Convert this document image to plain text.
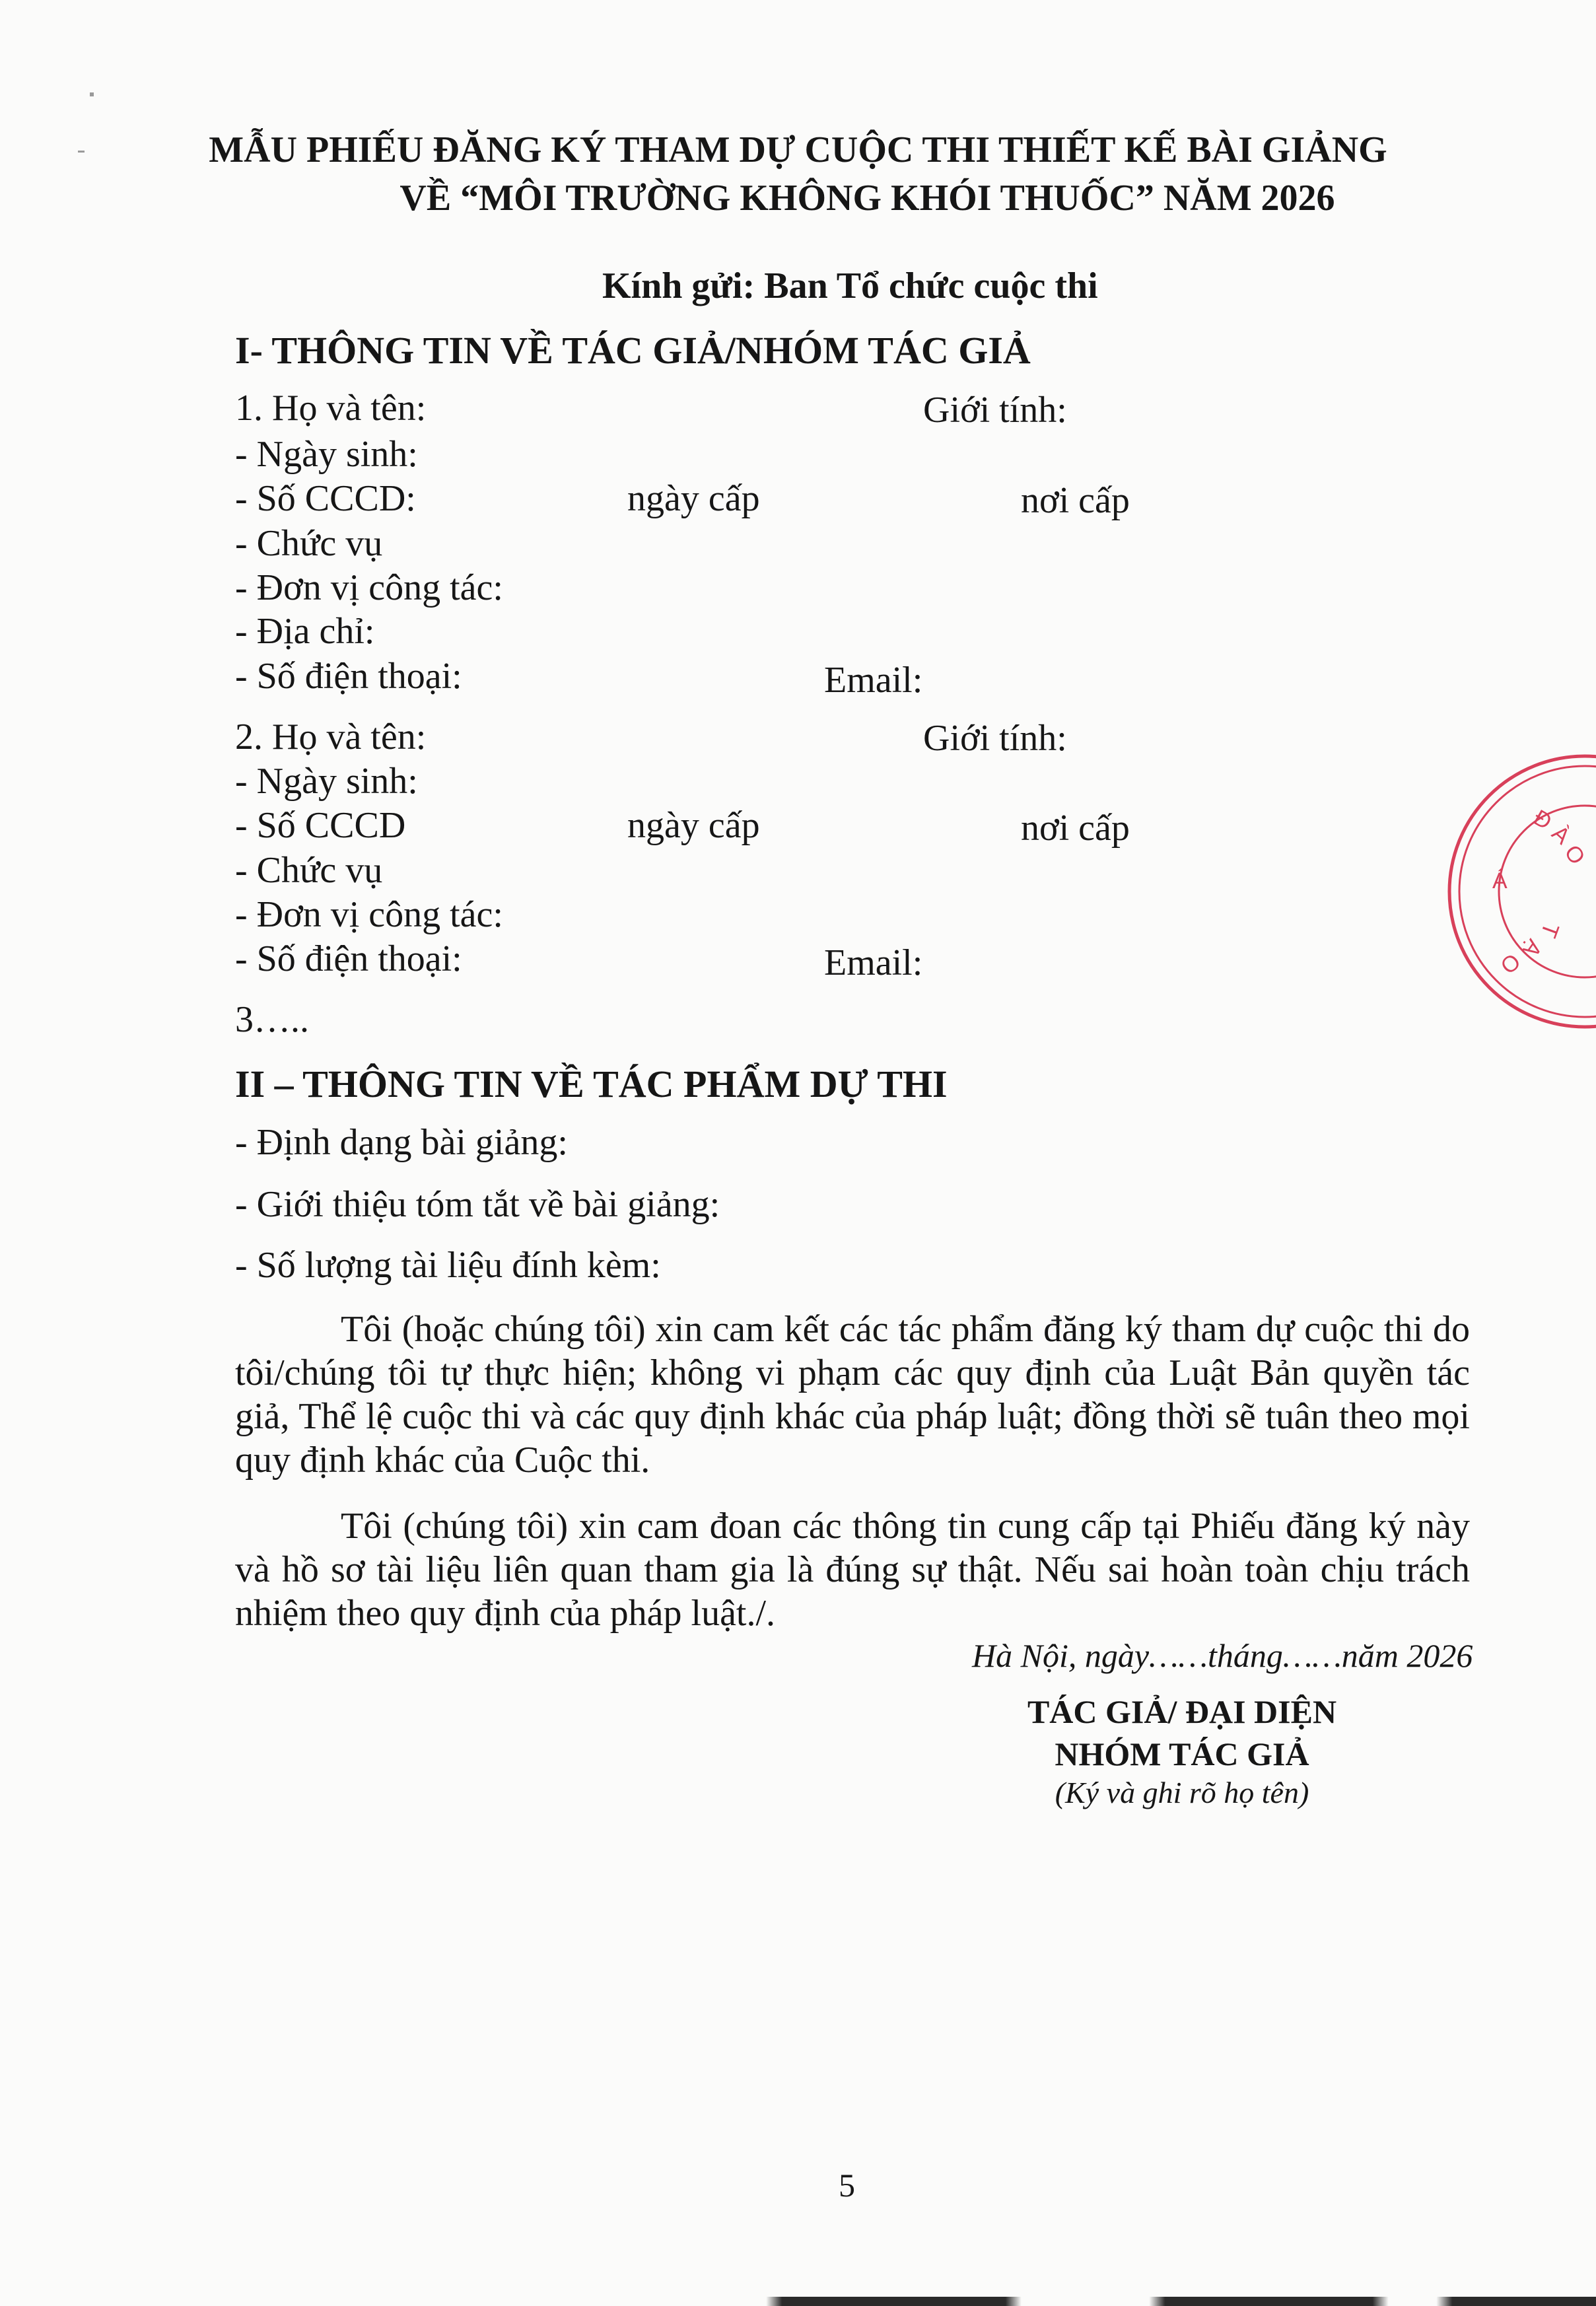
MẪU PHIẾU ĐĂNG KÝ THAM DỰ CUỘC THI THIẾT KẾ BÀI GIẢNG
VỀ “MÔI TRƯỜNG KHÔNG KHÓI THUỐC” NĂM 2026
Kính gửi: Ban Tổ chức cuộc thi
I- THÔNG TIN VỀ TÁC GIẢ/NHÓM TÁC GIẢ
1. Họ và tên:	Giới tính:
- Ngày sinh:
- Số CCCD:	ngày cấp	nơi cấp
- Chức vụ
- Đơn vị công tác:
- Địa chỉ:
- Số điện thoại:	Email:
2. Họ và tên:	Giới tính:
- Ngày sinh:
- Số CCCD	ngày cấp	nơi cấp
- Chức vụ
- Đơn vị công tác:
- Số điện thoại:	Email:
3…..
II – THÔNG TIN VỀ TÁC PHẨM DỰ THI
- Định dạng bài giảng:
- Giới thiệu tóm tắt về bài giảng:
- Số lượng tài liệu đính kèm:
Tôi (hoặc chúng tôi) xin cam kết các tác phẩm đăng ký tham dự cuộc thi do tôi/chúng tôi tự thực hiện; không vi phạm các quy định của Luật Bản quyền tác giả, Thể lệ cuộc thi và các quy định khác của pháp luật; đồng thời sẽ tuân theo mọi quy định khác của Cuộc thi.
Tôi (chúng tôi) xin cam đoan các thông tin cung cấp tại Phiếu đăng ký này và hồ sơ tài liệu liên quan tham gia là đúng sự thật. Nếu sai hoàn toàn chịu trách nhiệm theo quy định của pháp luật./.
Hà Nội, ngày……tháng……năm 2026
TÁC GIẢ/ ĐẠI DIỆN
NHÓM TÁC GIẢ
(Ký và ghi rõ họ tên)
5
Đ
À
O
Á
T
Ạ
O
